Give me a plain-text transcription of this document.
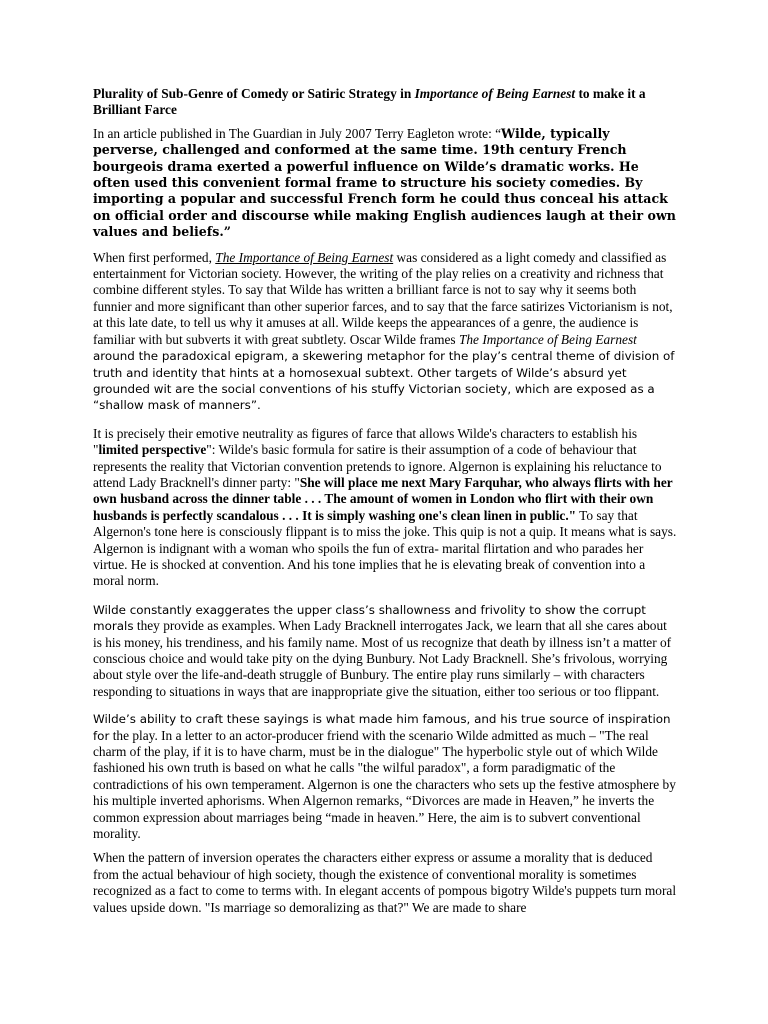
Plurality of Sub-Genre of Comedy or Satiric Strategy in Importance of Being Earnest to make it a Brilliant Farce

In an article published in The Guardian in July 2007 Terry Eagleton wrote: “Wilde, typically perverse, challenged and conformed at the same time. 19th century French bourgeois drama exerted a powerful influence on Wilde’s dramatic works. He often used this convenient formal frame to structure his society comedies. By importing a popular and successful French form he could thus conceal his attack on official order and discourse while making English audiences laugh at their own values and beliefs.”

When first performed, The Importance of Being Earnest was considered as a light comedy and classified as entertainment for Victorian society. However, the writing of the play relies on a creativity and richness that combine different styles. To say that Wilde has written a brilliant farce is not to say why it seems both funnier and more significant than other superior farces, and to say that the farce satirizes Victorianism is not, at this late date, to tell us why it amuses at all. Wilde keeps the appearances of a genre, the audience is familiar with but subverts it with great subtlety. Oscar Wilde frames The Importance of Being Earnest around the paradoxical epigram, a skewering metaphor for the play’s central theme of division of truth and identity that hints at a homosexual subtext. Other targets of Wilde’s absurd yet grounded wit are the social conventions of his stuffy Victorian society, which are exposed as a “shallow mask of manners”.

It is precisely their emotive neutrality as figures of farce that allows Wilde's characters to establish his "limited perspective": Wilde's basic formula for satire is their assumption of a code of behaviour that represents the reality that Victorian convention pretends to ignore. Algernon is explaining his reluctance to attend Lady Bracknell's dinner party: "She will place me next Mary Farquhar, who always flirts with her own husband across the dinner table . . . The amount of women in London who flirt with their own husbands is perfectly scandalous . . . It is simply washing one's clean linen in public." To say that Algernon's tone here is consciously flippant is to miss the joke. This quip is not a quip. It means what is says. Algernon is indignant with a woman who spoils the fun of extra- marital flirtation and who parades her virtue. He is shocked at convention. And his tone implies that he is elevating break of convention into a moral norm.

Wilde constantly exaggerates the upper class’s shallowness and frivolity to show the corrupt morals they provide as examples. When Lady Bracknell interrogates Jack, we learn that all she cares about is his money, his trendiness, and his family name. Most of us recognize that death by illness isn’t a matter of conscious choice and would take pity on the dying Bunbury. Not Lady Bracknell. She’s frivolous, worrying about style over the life-and-death struggle of Bunbury. The entire play runs similarly – with characters responding to situations in ways that are inappropriate give the situation, either too serious or too flippant.

Wilde’s ability to craft these sayings is what made him famous, and his true source of inspiration for the play. In a letter to an actor-producer friend with the scenario Wilde admitted as much – "The real charm of the play, if it is to have charm, must be in the dialogue" The hyperbolic style out of which Wilde fashioned his own truth is based on what he calls "the wilful paradox", a form paradigmatic of the contradictions of his own temperament. Algernon is one the characters who sets up the festive atmosphere by his multiple inverted aphorisms. When Algernon remarks, “Divorces are made in Heaven,” he inverts the common expression about marriages being “made in heaven.” Here, the aim is to subvert conventional morality.

When the pattern of inversion operates the characters either express or assume a morality that is deduced from the actual behaviour of high society, though the existence of conventional morality is sometimes recognized as a fact to come to terms with. In elegant accents of pompous bigotry Wilde's puppets turn moral values upside down. "Is marriage so demoralizing as that?" We are made to share
